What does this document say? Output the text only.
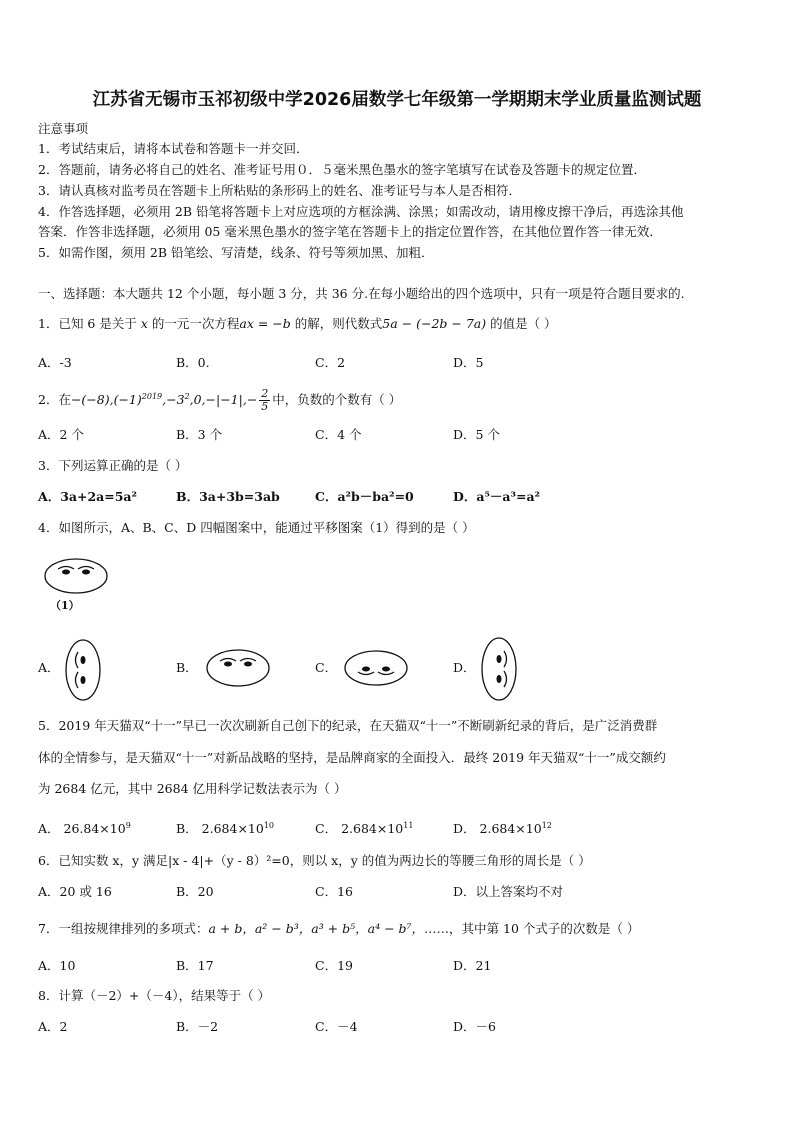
江苏省无锡市玉祁初级中学2026届数学七年级第一学期期末学业质量监测试题
注意事项
1．考试结束后，请将本试卷和答题卡一并交回．
2．答题前，请务必将自己的姓名、准考证号用０．５毫米黑色墨水的签字笔填写在试卷及答题卡的规定位置．
3．请认真核对监考员在答题卡上所粘贴的条形码上的姓名、准考证号与本人是否相符．
4．作答选择题，必须用 2B 铅笔将答题卡上对应选项的方框涂满、涂黑；如需改动，请用橡皮擦干净后，再选涂其他
答案．作答非选择题，必须用 05 毫米黑色墨水的签字笔在答题卡上的指定位置作答，在其他位置作答一律无效．
5．如需作图，须用 2B 铅笔绘、写清楚，线条、符号等须加黑、加粗．
一、选择题：本大题共 12 个小题，每小题 3 分，共 36 分.在每小题给出的四个选项中，只有一项是符合题目要求的.
1．已知 6 是关于 x 的一元一次方程ax = −b 的解，则代数式5a − (−2b − 7a) 的值是（ ）
A．-3	B．0.	C．2	D．5
2．在$-(-8),(-1)^{2019},-3^2,0,-|-1|,- \frac{2}{5}$ 中，负数的个数有（ ）
A．2 个	B．3 个	C．4 个	D．5 个
3．下列运算正确的是（ ）
A．3a+2a=5a²	B．3a+3b=3ab	C．a²b－ba²=0	D．a⁵－a³=a²
4．如图所示，A、B、C、D 四幅图案中，能通过平移图案（1）得到的是（ ）
（1）
A．	B．	C．	D．
5．2019 年天猫双“十一”早已一次次刷新自己创下的纪录，在天猫双“十一”不断刷新纪录的背后，是广泛消费群
体的全情参与，是天猫双“十一”对新品战略的坚持，是品牌商家的全面投入．最终 2019 年天猫双“十一”成交额约
为 2684 亿元，其中 2684 亿用科学记数法表示为（ ）
A． $26.84\times 10^9$	B． $2.684\times 10^{10}$	C． $2.684\times 10^{11}$	D． $2.684\times 10^{12}$
6．已知实数 x，y 满足|x - 4|+（y - 8）²=0，则以 x，y 的值为两边长的等腰三角形的周长是（ ）
A．20 或 16	B．20	C．16	D．以上答案均不对
7．一组按规律排列的多项式：a + b，a² − b³，a³ + b⁵，a⁴ − b⁷，……，其中第 10 个式子的次数是（ ）
A．10	B．17	C．19	D．21
8．计算（－2）+（－4），结果等于（ ）
A．2	B．－2	C．－4	D．－6
